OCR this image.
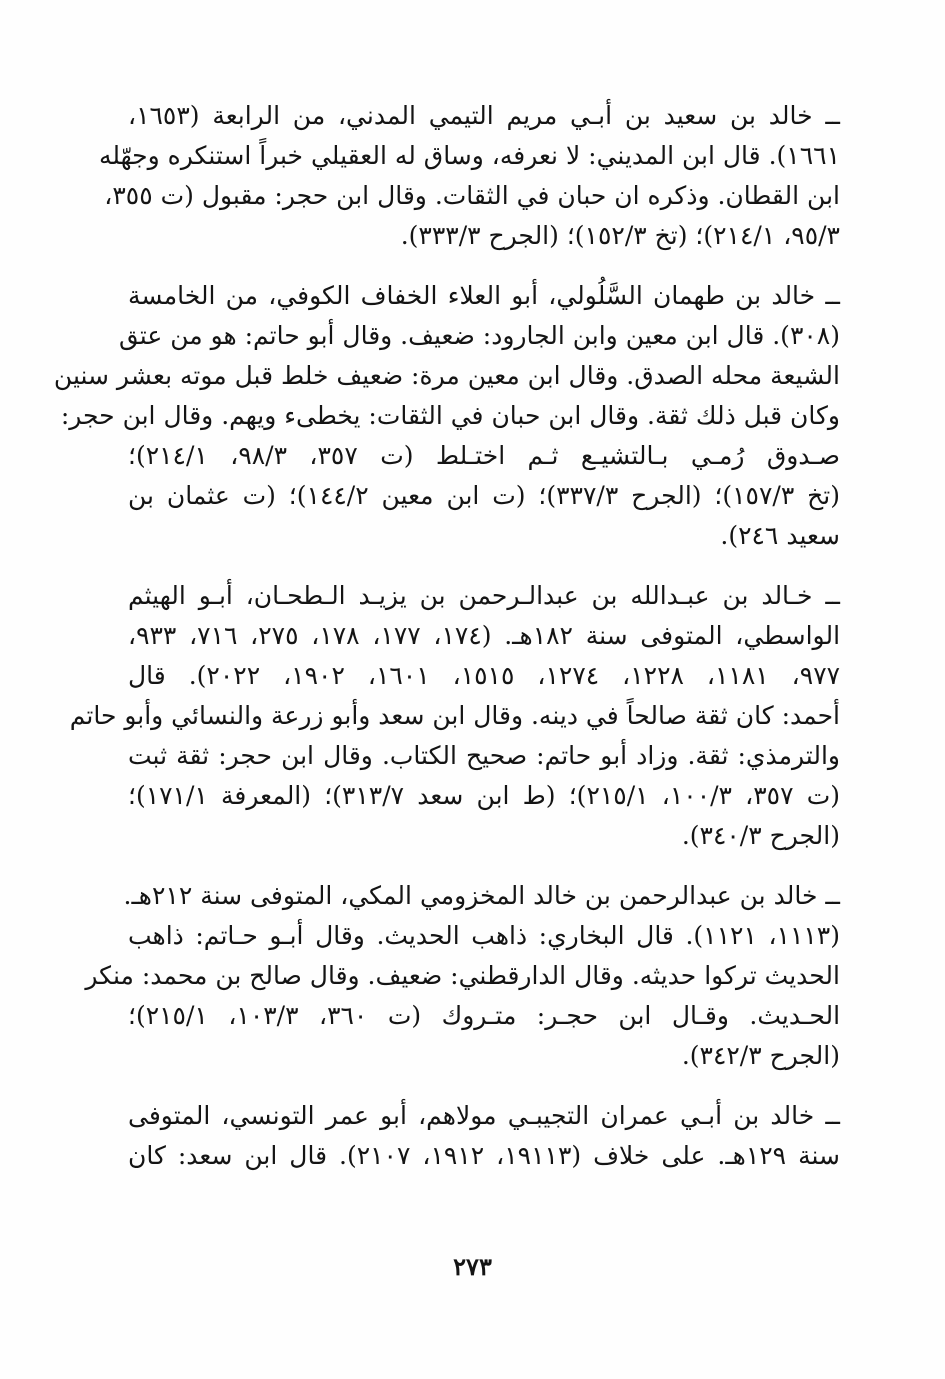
ــ خالد بن سعيد بن أبـي مريم التيمي المدني، من الرابعة (١٦٥٣،
١٦٦١). قال ابن المديني: لا نعرفه، وساق له العقيلي خبراً استنكره وجهّله
ابن القطان. وذكره ان حبان في الثقات. وقال ابن حجر: مقبول (ت ٣٥٥،
٩٥/٣، ٢١٤/١)؛ (تخ ١٥٢/٣)؛ (الجرح ٣٣٣/٣).
ــ خالد بن طهمان السَّلُولي، أبو العلاء الخفاف الكوفي، من الخامسة
(٣٠٨). قال ابن معين وابن الجارود: ضعيف. وقال أبو حاتم: هو من عتق
الشيعة محله الصدق. وقال ابن معين مرة: ضعيف خلط قبل موته بعشر سنين
وكان قبل ذلك ثقة. وقال ابن حبان في الثقات: يخطىء ويهم. وقال ابن حجر:
صـدوق رُمـي بـالتشيـع ثـم اختـلط (ت ٣٥٧، ٩٨/٣، ٢١٤/١)؛
(تخ ١٥٧/٣)؛ (الجرح ٣٣٧/٣)؛ (ت ابن معين ١٤٤/٢)؛ (ت عثمان بن
سعيد ٢٤٦).
ــ خـالد بن عبـدالله بن عبدالـرحمن بن يزيـد الـطحـان، أبـو الهيثم
الواسطي، المتوفى سنة ١٨٢هـ. (١٧٤، ١٧٧، ١٧٨، ٢٧٥، ٧١٦، ٩٣٣،
٩٧٧، ١١٨١، ١٢٢٨، ١٢٧٤، ١٥١٥، ١٦٠١، ١٩٠٢، ٢٠٢٢). قال
أحمد: كان ثقة صالحاً في دينه. وقال ابن سعد وأبو زرعة والنسائي وأبو حاتم
والترمذي: ثقة. وزاد أبو حاتم: صحيح الكتاب. وقال ابن حجر: ثقة ثبت
(ت ٣٥٧، ١٠٠/٣، ٢١٥/١)؛ (ط ابن سعد ٣١٣/٧)؛ (المعرفة ١٧١/١)؛
(الجرح ٣٤٠/٣).
ــ خالد بن عبدالرحمن بن خالد المخزومي المكي، المتوفى سنة ٢١٢هـ.
(١١١٣، ١١٢١). قال البخاري: ذاهب الحديث. وقال أبـو حـاتم: ذاهب
الحديث تركوا حديثه. وقال الدارقطني: ضعيف. وقال صالح بن محمد: منكر
الحـديث. وقـال ابن حجـر: متـروك (ت ٣٦٠، ١٠٣/٣، ٢١٥/١)؛
(الجرح ٣٤٢/٣).
ــ خالد بن أبـي عمران التجيبـي مولاهم، أبو عمر التونسي، المتوفى
سنة ١٢٩هـ. على خلاف (١٩١١٣، ١٩١٢، ٢١٠٧). قال ابن سعد: كان
٢٧٣
